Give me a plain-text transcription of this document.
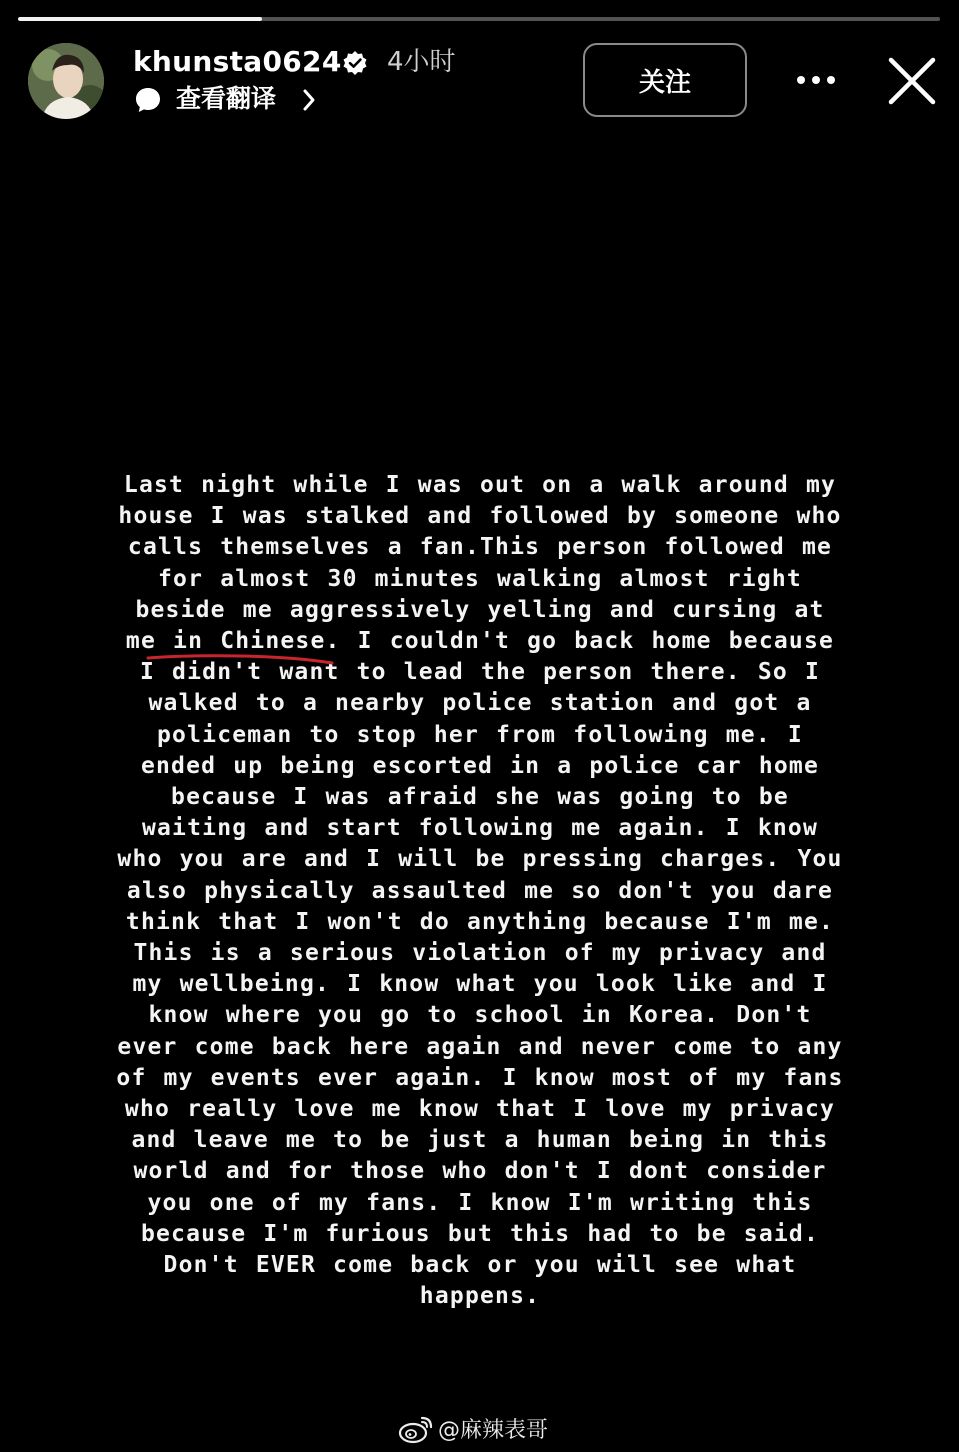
khunsta0624 4小时
查看翻译
关注
Last night while I was out on a walk around my
house I was stalked and followed by someone who
calls themselves a fan.This person followed me
for almost 30 minutes walking almost right
beside me aggressively yelling and cursing at
me in Chinese. I couldn't go back home because
I didn't want to lead the person there. So I
walked to a nearby police station and got a
policeman to stop her from following me. I
ended up being escorted in a police car home
because I was afraid she was going to be
waiting and start following me again. I know
who you are and I will be pressing charges. You
also physically assaulted me so don't you dare
think that I won't do anything because I'm me.
This is a serious violation of my privacy and
my wellbeing. I know what you look like and I
know where you go to school in Korea. Don't
ever come back here again and never come to any
of my events ever again. I know most of my fans
who really love me know that I love my privacy
and leave me to be just a human being in this
world and for those who don't I dont consider
you one of my fans. I know I'm writing this
because I'm furious but this had to be said.
Don't EVER come back or you will see what
happens.
@麻辣表哥
